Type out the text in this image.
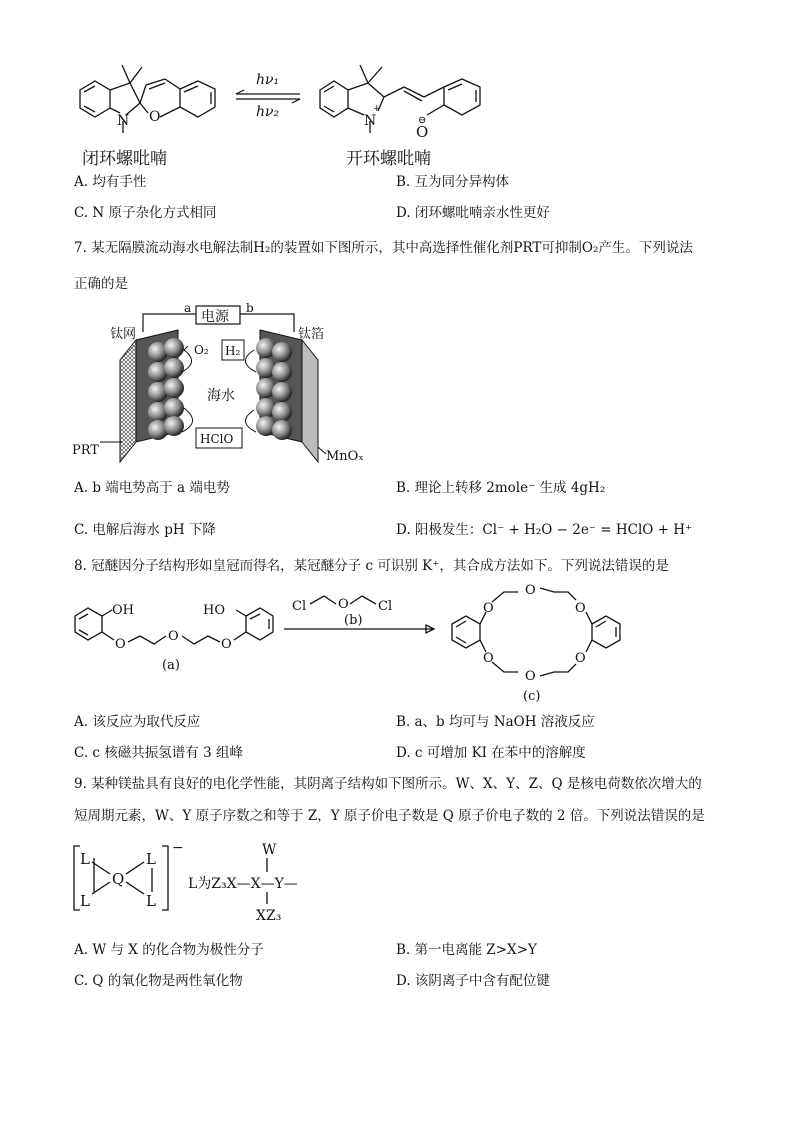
N O
闭环螺吡喃
hν₁
hν₂
N
+
O
⊖
开环螺吡喃
A. 均有手性	B. 互为同分异构体
C. N 原子杂化方式相同	D. 闭环螺吡喃亲水性更好
7. 某无隔膜流动海水电解法制H₂的装置如下图所示，其中高选择性催化剂PRT可抑制O₂产生。下列说法
正确的是
电源
a	b
钛网	钛箔
O₂ H₂
海水
HClO
PRT	MnOₓ
A. b 端电势高于 a 端电势	B. 理论上转移 2mole⁻ 生成 4gH₂
C. 电解后海水 pH 下降	D. 阳极发生：Cl⁻ + H₂O − 2e⁻ = HClO + H⁺
8. 冠醚因分子结构形如皇冠而得名，某冠醚分子 c 可识别 K⁺，其合成方法如下。下列说法错误的是
OH	HO
O
O
O
(a)
Cl O Cl
(b)
O
O
O
O
O
O
(c)
A. 该反应为取代反应	B. a、b 均可与 NaOH 溶液反应
C. c 核磁共振氢谱有 3 组峰	D. c 可增加 KI 在苯中的溶解度
9. 某种镁盐具有良好的电化学性能，其阴离子结构如下图所示。W、X、Y、Z、Q 是核电荷数依次增大的
短周期元素，W、Y 原子序数之和等于 Z，Y 原子价电子数是 Q 原子价电子数的 2 倍。下列说法错误的是
−
L	L
Q
L	L
L为Z₃X—X—Y—
W
XZ₃
A. W 与 X 的化合物为极性分子	B. 第一电离能 Z>X>Y
C. Q 的氧化物是两性氧化物	D. 该阴离子中含有配位键
